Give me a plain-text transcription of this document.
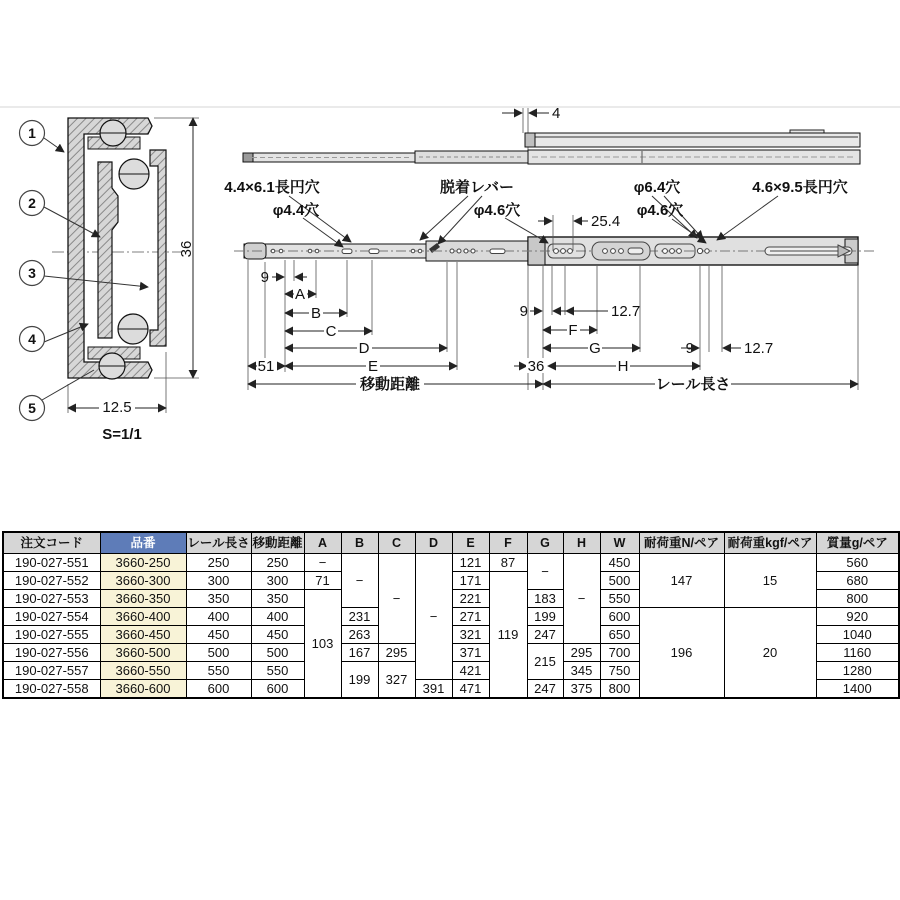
1
2
3
4
5
36
12.5
S=1/1
4
4.4×6.1長円穴
φ4.4穴
脱着レバー
φ4.6穴
φ6.4穴
φ4.6穴
4.6×9.5長円穴
25.4
9
A
B
C
D
51	E
移動距離
9	12.7
F
G	9	12.7
36	H
レール長さ
注文コード	品番	レール長さ	移動距離	A	B	C	D	E	F	G	H	W	耐荷重N/ペア	耐荷重kgf/ペア	質量g/ペア
190-027-551	3660-250	250	250	−	−	−	−	121	87	−	−	450	147	15	560
190-027-552	3660-300	300	300	71				171	119			500			680
190-027-553	3660-350	350	350	103				221		183		550			800
190-027-554	3660-400	400	400		231			271		199		600	196	20	920
190-027-555	3660-450	450	450		263			321		247		650			1040
190-027-556	3660-500	500	500		167	295		371		215	295	700			1160
190-027-557	3660-550	550	550		199	327		421			345	750			1280
190-027-558	3660-600	600	600				391	471		247	375	800			1400
